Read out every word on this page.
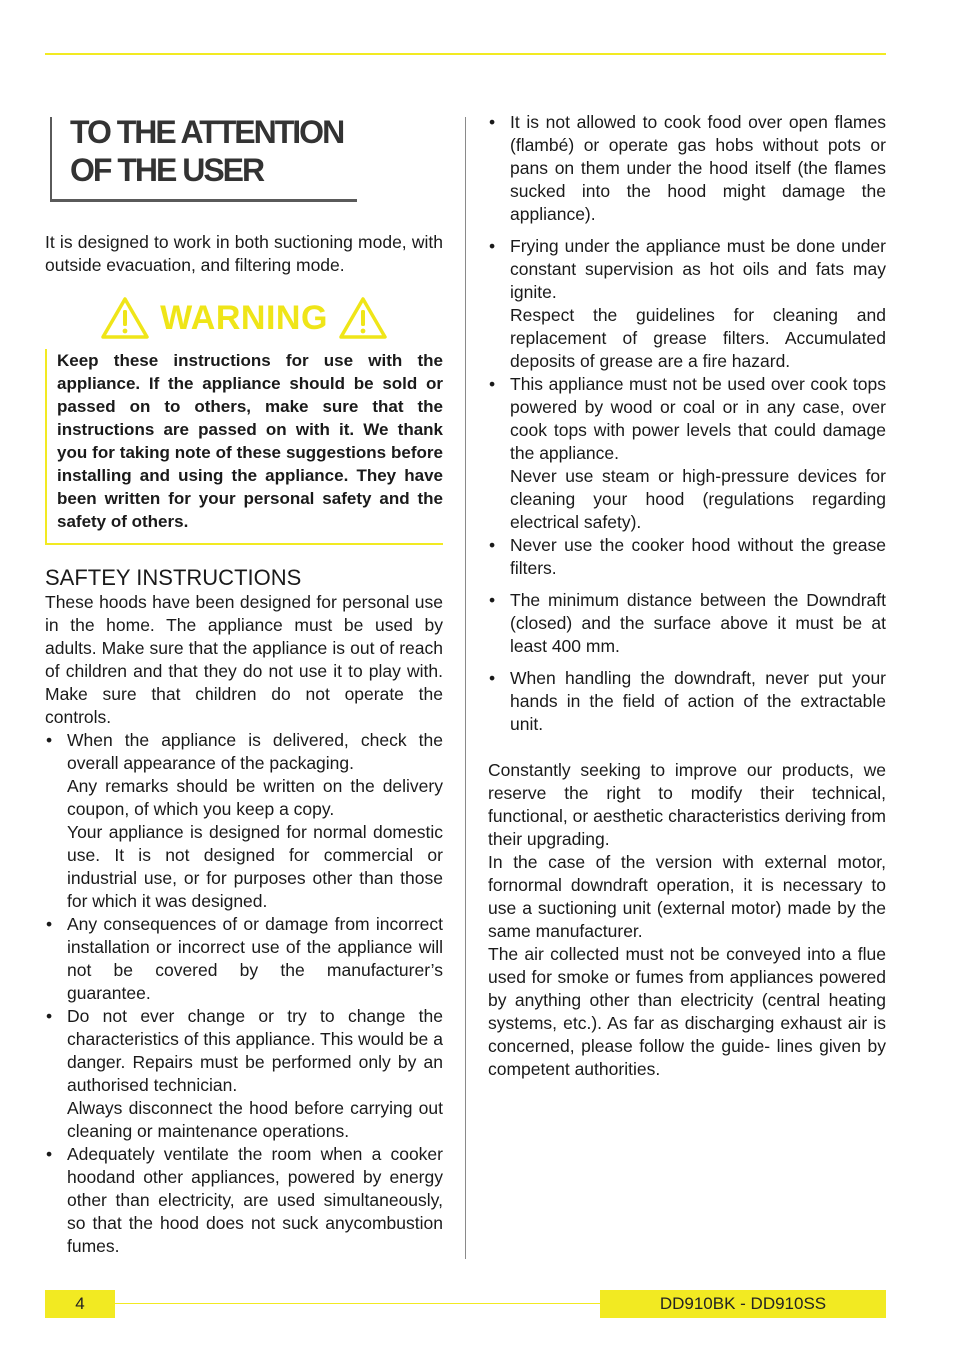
TO THE ATTENTION
OF THE USER

It is designed to work in both suctioning mode, with outside evacuation, and filtering mode.

WARNING

Keep these instructions for use with the appliance. If the appliance should be sold or passed on to others, make sure that the instructions are passed on with it. We thank you for taking note of these suggestions before installing and using the appliance. They have been written for your personal safety and the safety of others.

SAFTEY INSTRUCTIONS

These hoods have been designed for personal use in the home. The appliance must be used by adults. Make sure that the appliance is out of reach of children and that they do not use it to play with. Make sure that children do not operate the controls.

• When the appliance is delivered, check the overall appearance of the packaging.
Any remarks should be written on the delivery coupon, of which you keep a copy.
Your appliance is designed for normal domestic use. It is not designed for commercial or industrial use, or for purposes other than those for which it was designed.
• Any consequences of or damage from incorrect installation or incorrect use of the appliance will not be covered by the manufacturer’s guarantee.
• Do not ever change or try to change the characteristics of this appliance. This would be a danger. Repairs must be performed only by an authorised technician.
Always disconnect the hood before carrying out cleaning or maintenance operations.
• Adequately ventilate the room when a cooker hoodand other appliances, powered by energy other than electricity, are used simultaneously, so that the hood does not suck anycombustion fumes.
• It is not allowed to cook food over open flames (flambé) or operate gas hobs without pots or pans on them under the hood itself (the flames sucked into the hood might damage the appliance).
• Frying under the appliance must be done under constant supervision as hot oils and fats may ignite.
Respect the guidelines for cleaning and replacement of grease filters. Accumulated deposits of grease are a fire hazard.
• This appliance must not be used over cook tops powered by wood or coal or in any case, over cook tops with power levels that could damage the appliance.
Never use steam or high-pressure devices for cleaning your hood (regulations regarding electrical safety).
• Never use the cooker hood without the grease filters.
• The minimum distance between the Downdraft (closed) and the surface above it must be at least 400 mm.
• When handling the downdraft, never put your hands in the field of action of the extractable unit.

Constantly seeking to improve our products, we reserve the right to modify their technical, functional, or aesthetic characteristics deriving from their upgrading.

In the case of the version with external motor, fornormal downdraft operation, it is necessary to use a suctioning unit (external motor) made by the same manufacturer.

The air collected must not be conveyed into a flue used for smoke or fumes from appliances powered by anything other than electricity (central heating systems, etc.). As far as discharging exhaust air is concerned, please follow the guide- lines given by competent authorities.

4	DD910BK - DD910SS
